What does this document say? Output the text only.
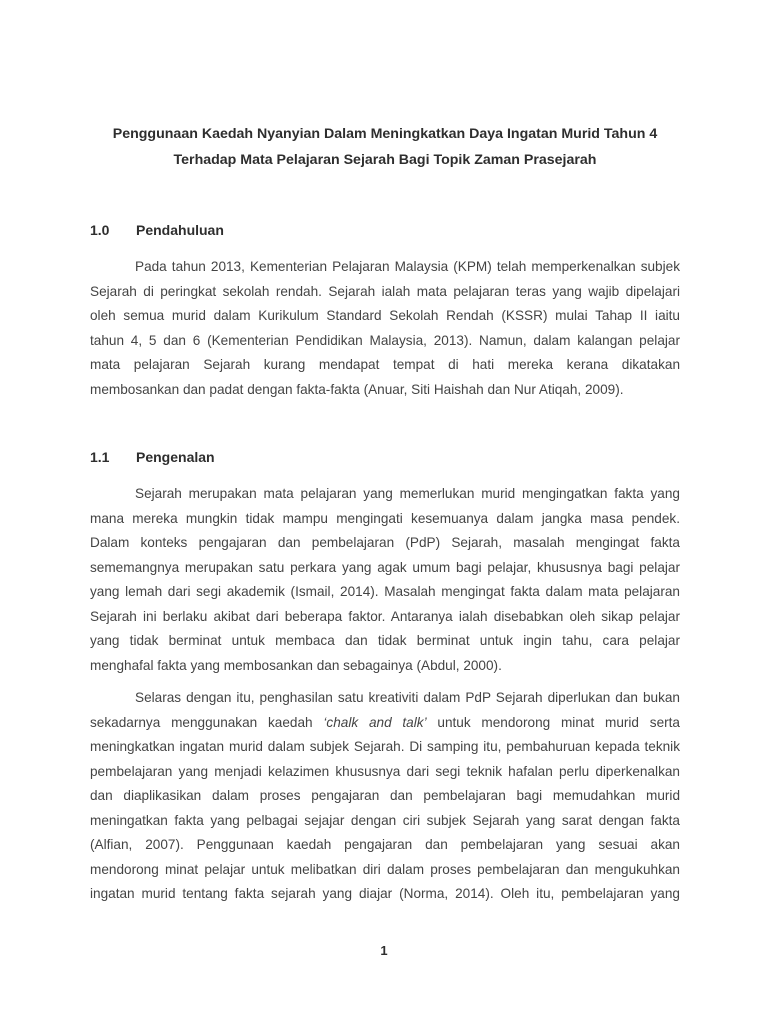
Penggunaan Kaedah Nyanyian Dalam Meningkatkan Daya Ingatan Murid Tahun 4
Terhadap Mata Pelajaran Sejarah Bagi Topik Zaman Prasejarah
1.0 Pendahuluan
Pada tahun 2013, Kementerian Pelajaran Malaysia (KPM) telah memperkenalkan subjek
Sejarah di peringkat sekolah rendah. Sejarah ialah mata pelajaran teras yang wajib dipelajari
oleh semua murid dalam Kurikulum Standard Sekolah Rendah (KSSR) mulai Tahap II iaitu
tahun 4, 5 dan 6 (Kementerian Pendidikan Malaysia, 2013). Namun, dalam kalangan pelajar
mata pelajaran Sejarah kurang mendapat tempat di hati mereka kerana dikatakan
membosankan dan padat dengan fakta-fakta (Anuar, Siti Haishah dan Nur Atiqah, 2009).
1.1 Pengenalan
Sejarah merupakan mata pelajaran yang memerlukan murid mengingatkan fakta yang
mana mereka mungkin tidak mampu mengingati kesemuanya dalam jangka masa pendek.
Dalam konteks pengajaran dan pembelajaran (PdP) Sejarah, masalah mengingat fakta
sememangnya merupakan satu perkara yang agak umum bagi pelajar, khususnya bagi pelajar
yang lemah dari segi akademik (Ismail, 2014). Masalah mengingat fakta dalam mata pelajaran
Sejarah ini berlaku akibat dari beberapa faktor. Antaranya ialah disebabkan oleh sikap pelajar
yang tidak berminat untuk membaca dan tidak berminat untuk ingin tahu, cara pelajar
menghafal fakta yang membosankan dan sebagainya (Abdul, 2000).
Selaras dengan itu, penghasilan satu kreativiti dalam PdP Sejarah diperlukan dan bukan
sekadarnya menggunakan kaedah ‘chalk and talk’ untuk mendorong minat murid serta
meningkatkan ingatan murid dalam subjek Sejarah. Di samping itu, pembahuruan kepada teknik
pembelajaran yang menjadi kelazimen khususnya dari segi teknik hafalan perlu diperkenalkan
dan diaplikasikan dalam proses pengajaran dan pembelajaran bagi memudahkan murid
meningatkan fakta yang pelbagai sejajar dengan ciri subjek Sejarah yang sarat dengan fakta
(Alfian, 2007). Penggunaan kaedah pengajaran dan pembelajaran yang sesuai akan
mendorong minat pelajar untuk melibatkan diri dalam proses pembelajaran dan mengukuhkan
ingatan murid tentang fakta sejarah yang diajar (Norma, 2014). Oleh itu, pembelajaran yang
1
